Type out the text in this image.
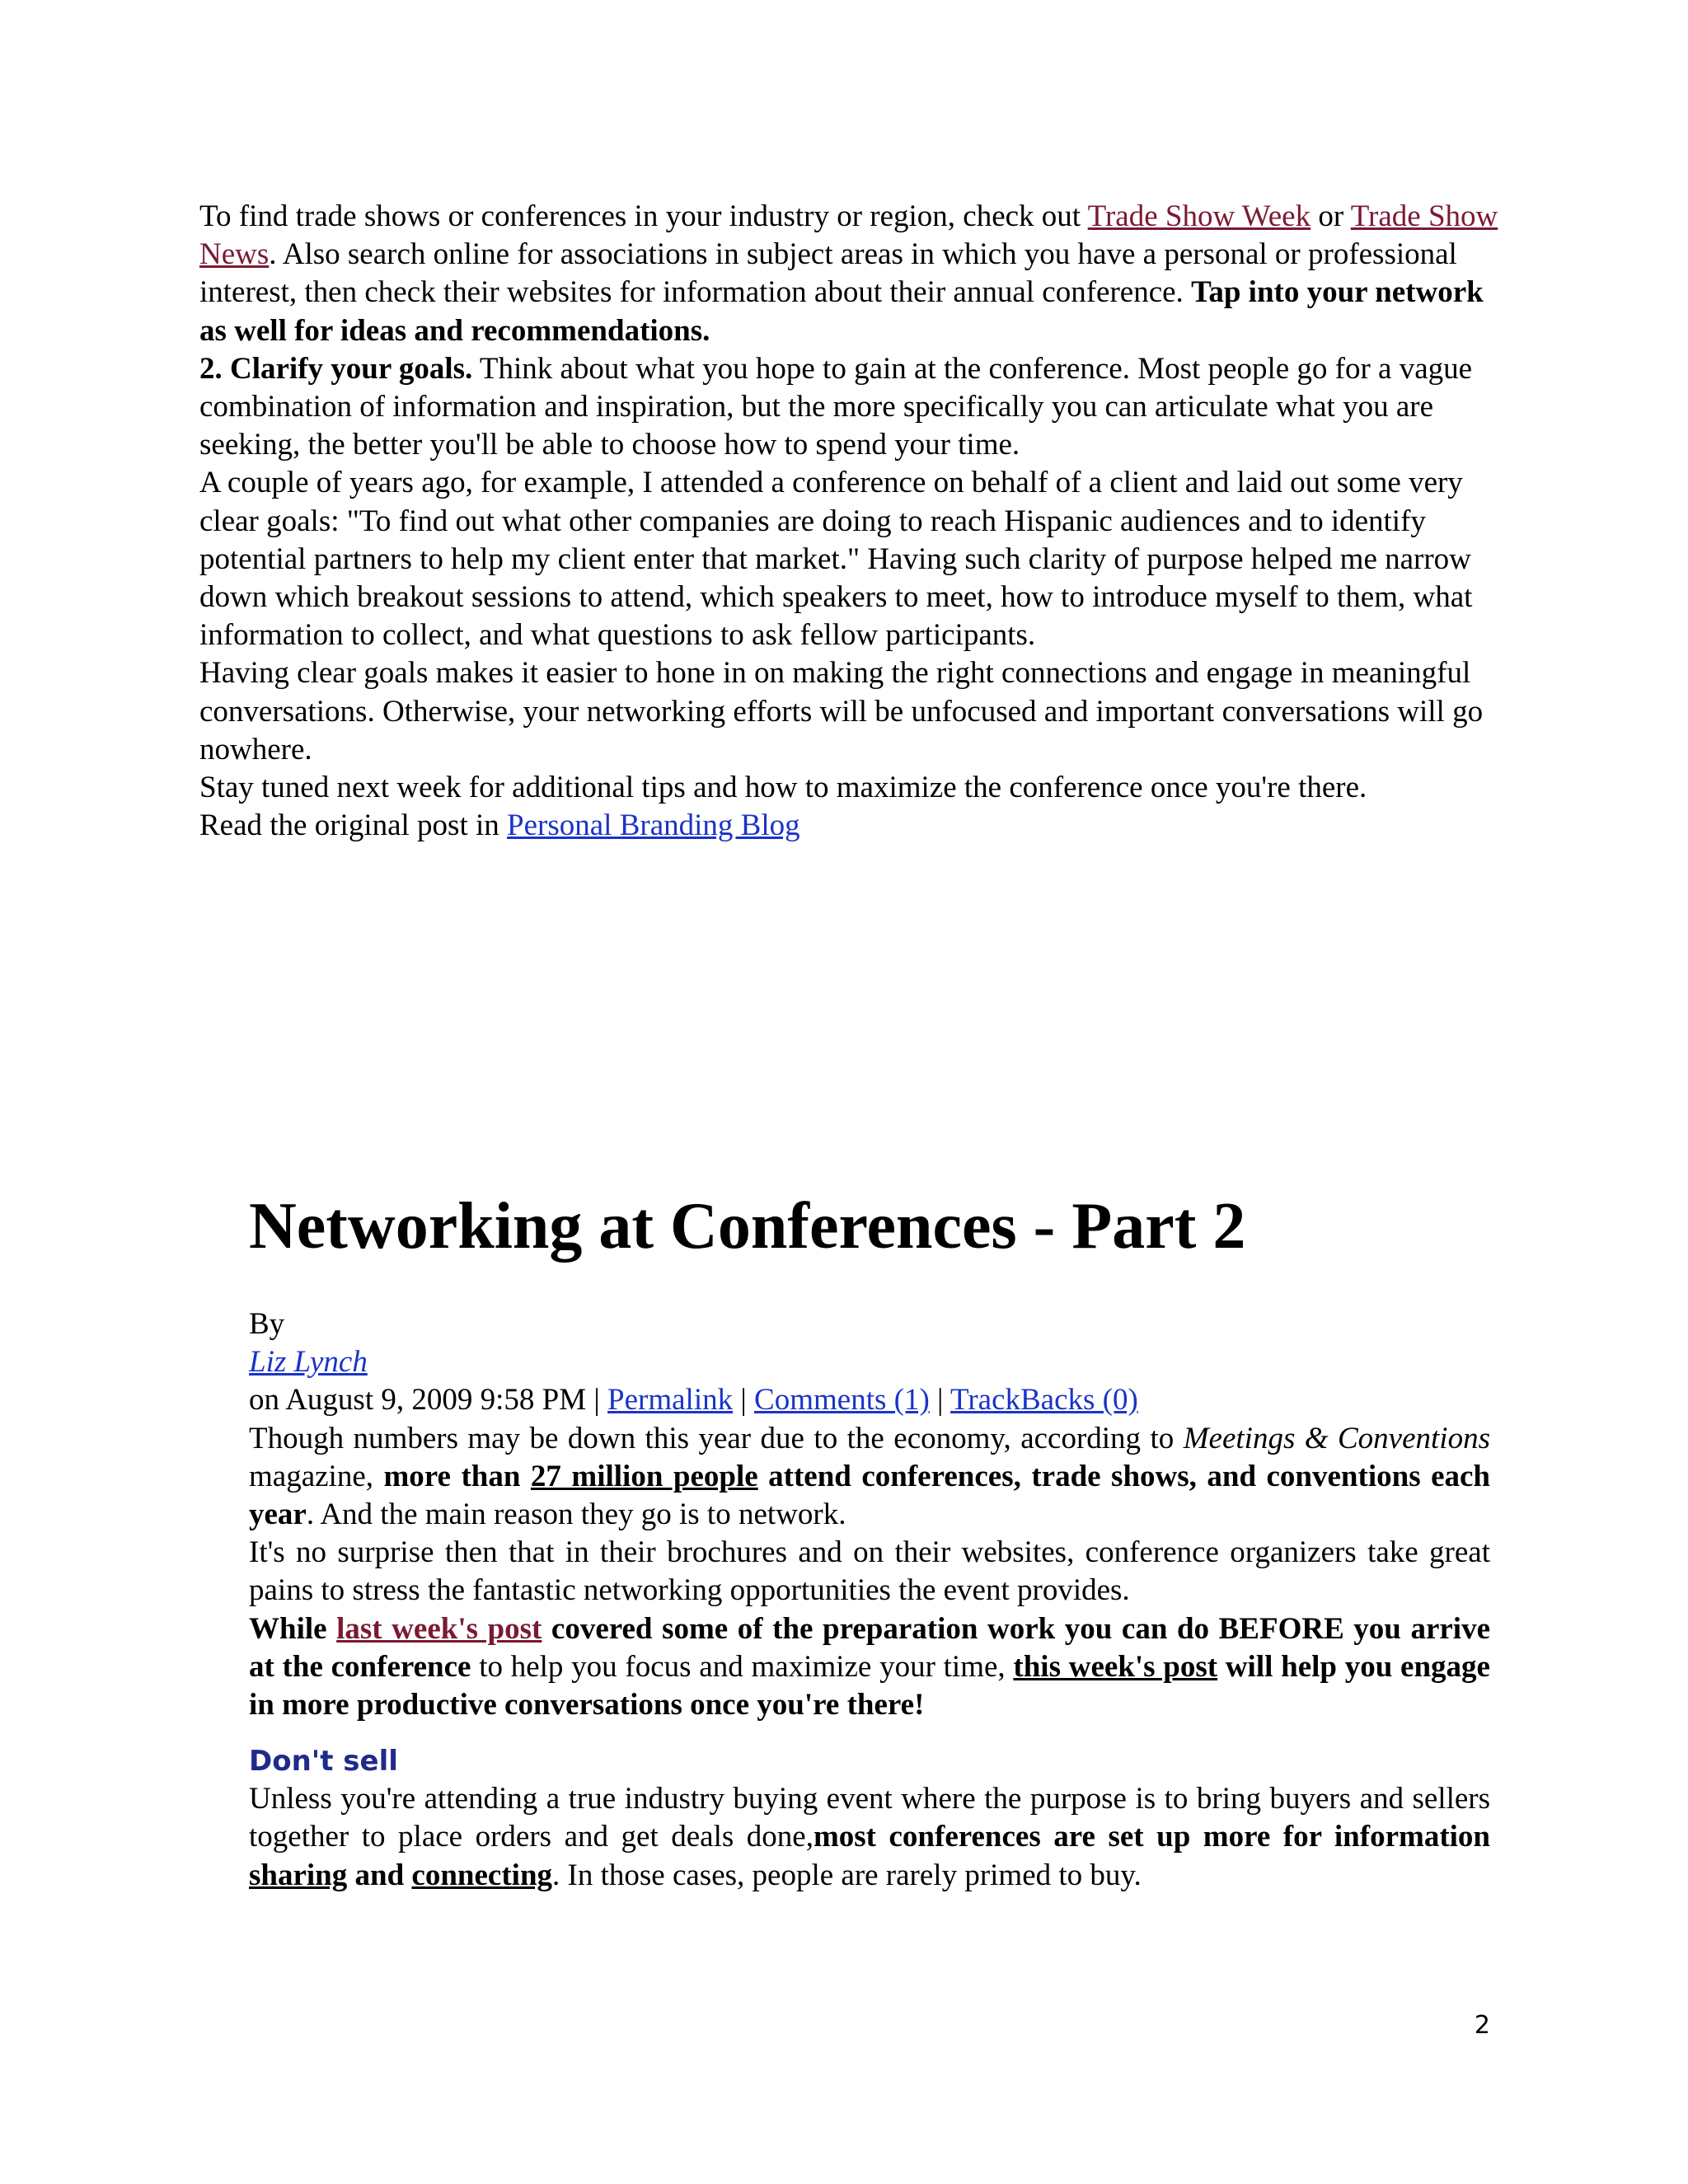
To find trade shows or conferences in your industry or region, check out Trade Show Week or Trade Show News. Also search online for associations in subject areas in which you have a personal or professional interest, then check their websites for information about their annual conference. Tap into your network as well for ideas and recommendations.

2. Clarify your goals. Think about what you hope to gain at the conference. Most people go for a vague combination of information and inspiration, but the more specifically you can articulate what you are seeking, the better you'll be able to choose how to spend your time.

A couple of years ago, for example, I attended a conference on behalf of a client and laid out some very clear goals: "To find out what other companies are doing to reach Hispanic audiences and to identify potential partners to help my client enter that market." Having such clarity of purpose helped me narrow down which breakout sessions to attend, which speakers to meet, how to introduce myself to them, what information to collect, and what questions to ask fellow participants.

Having clear goals makes it easier to hone in on making the right connections and engage in meaningful conversations. Otherwise, your networking efforts will be unfocused and important conversations will go nowhere.

Stay tuned next week for additional tips and how to maximize the conference once you're there.

Read the original post in Personal Branding Blog

Networking at Conferences - Part 2

By

Liz Lynch

on August 9, 2009 9:58 PM | Permalink | Comments (1) | TrackBacks (0)

Though numbers may be down this year due to the economy, according to Meetings & Conventions magazine, more than 27 million people attend conferences, trade shows, and conventions each year. And the main reason they go is to network.

It's no surprise then that in their brochures and on their websites, conference organizers take great pains to stress the fantastic networking opportunities the event provides.

While last week's post covered some of the preparation work you can do BEFORE you arrive at the conference to help you focus and maximize your time, this week's post will help you engage in more productive conversations once you're there!

Don't sell

Unless you're attending a true industry buying event where the purpose is to bring buyers and sellers together to place orders and get deals done,most conferences are set up more for information sharing and connecting. In those cases, people are rarely primed to buy.

2
